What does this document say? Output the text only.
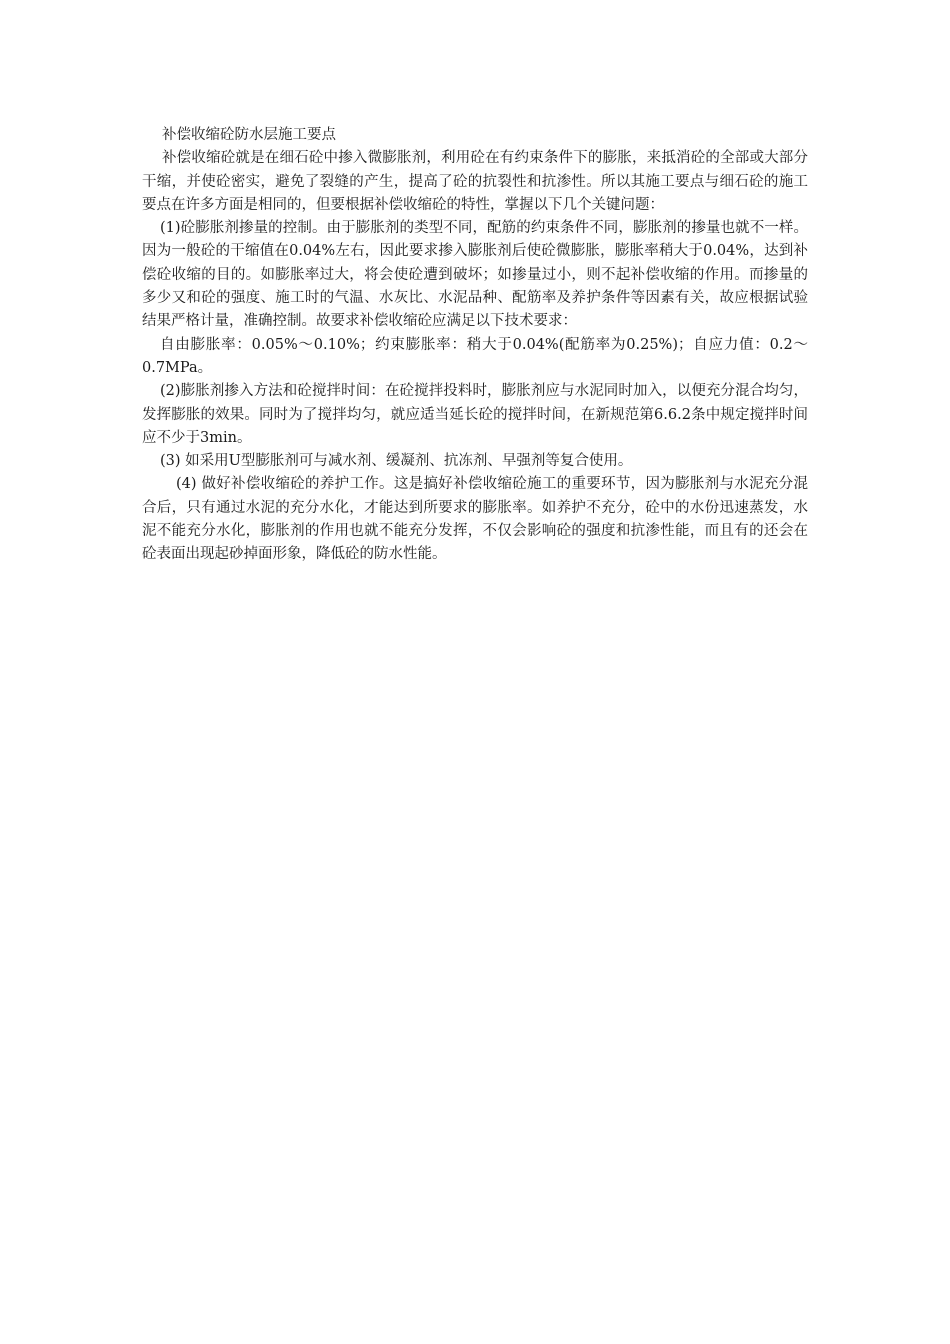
补偿收缩砼防水层施工要点

补偿收缩砼就是在细石砼中掺入微膨胀剂，利用砼在有约束条件下的膨胀，来抵消砼的全部或大部分干缩，并使砼密实，避免了裂缝的产生，提高了砼的抗裂性和抗渗性。所以其施工要点与细石砼的施工要点在许多方面是相同的，但要根据补偿收缩砼的特性，掌握以下几个关键问题：

(1)砼膨胀剂掺量的控制。由于膨胀剂的类型不同，配筋的约束条件不同，膨胀剂的掺量也就不一样。因为一般砼的干缩值在0.04%左右，因此要求掺入膨胀剂后使砼微膨胀，膨胀率稍大于0.04%，达到补偿砼收缩的目的。如膨胀率过大，将会使砼遭到破坏；如掺量过小，则不起补偿收缩的作用。而掺量的多少又和砼的强度、施工时的气温、水灰比、水泥品种、配筋率及养护条件等因素有关，故应根据试验结果严格计量，准确控制。故要求补偿收缩砼应满足以下技术要求：

自由膨胀率：0.05%～0.10%；约束膨胀率：稍大于0.04%(配筋率为0.25%)；自应力值：0.2～0.7MPa。

(2)膨胀剂掺入方法和砼搅拌时间：在砼搅拌投料时，膨胀剂应与水泥同时加入，以便充分混合均匀，发挥膨胀的效果。同时为了搅拌均匀，就应适当延长砼的搅拌时间，在新规范第6.6.2条中规定搅拌时间应不少于3min。

(3) 如采用U型膨胀剂可与减水剂、缓凝剂、抗冻剂、早强剂等复合使用。

(4) 做好补偿收缩砼的养护工作。这是搞好补偿收缩砼施工的重要环节，因为膨胀剂与水泥充分混合后，只有通过水泥的充分水化，才能达到所要求的膨胀率。如养护不充分，砼中的水份迅速蒸发，水泥不能充分水化，膨胀剂的作用也就不能充分发挥，不仅会影响砼的强度和抗渗性能，而且有的还会在砼表面出现起砂掉面形象，降低砼的防水性能。
